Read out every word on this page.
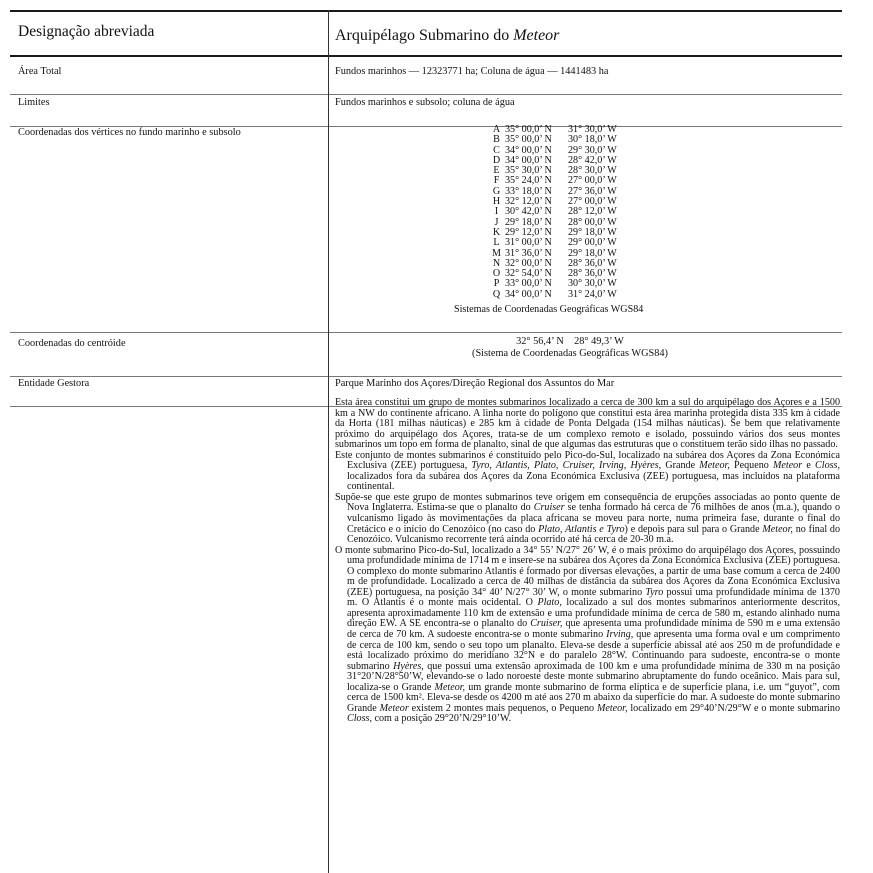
Designação abreviada	Arquipélago Submarino do Meteor
Área Total	Fundos marinhos — 12323771 ha; Coluna de água — 1441483 ha
Limites	Fundos marinhos e subsolo; coluna de água
Coordenadas dos vértices no fundo marinho e subsolo	A 35° 00,0’ N 31° 30,0’ W
B 35° 00,0’ N 30° 18,0’ W
C 34° 00,0’ N 29° 30,0’ W
D 34° 00,0’ N 28° 42,0’ W
E 35° 30,0’ N 28° 30,0’ W
F 35° 24,0’ N 27° 00,0’ W
G 33° 18,0’ N 27° 36,0’ W
H 32° 12,0’ N 27° 00,0’ W
I 30° 42,0’ N 28° 12,0’ W
J 29° 18,0’ N 28° 00,0’ W
K 29° 12,0’ N 29° 18,0’ W
L 31° 00,0’ N 29° 00,0’ W
M 31° 36,0’ N 29° 18,0’ W
N 32° 00,0’ N 28° 36,0’ W
O 32° 54,0’ N 28° 36,0’ W
P 33° 00,0’ N 30° 30,0’ W
Q 34° 00,0’ N 31° 24,0’ W
Sistemas de Coordenadas Geográficas WGS84
Coordenadas do centróide	32° 56,4’ N    28° 49,3’ W
(Sistema de Coordenadas Geográficas WGS84)
Entidade Gestora	Parque Marinho dos Açores/Direção Regional dos Assuntos do Mar

Esta área constitui um grupo de montes submarinos localizado a cerca de 300 km a sul do arquipélago dos Açores e a 1500 km a NW do continente africano. A linha norte do polígono que constitui esta área marinha protegida dista 335 km à cidade da Horta (181 milhas náuticas) e 285 km à cidade de Ponta Delgada (154 milhas náuticas). Se bem que relativamente próximo do arquipélago dos Açores, trata-se de um complexo remoto e isolado, possuindo vários dos seus montes submarinos um topo em forma de planalto, sinal de que algumas das estruturas que o constituem terão sido ilhas no passado.

Este conjunto de montes submarinos é constituído pelo Pico-do-Sul, localizado na subárea dos Açores da Zona Económica Exclusiva (ZEE) portuguesa, Tyro, Atlantis, Plato, Cruiser, Irving, Hyères, Grande Meteor, Pequeno Meteor e Closs, localizados fora da subárea dos Açores da Zona Económica Exclusiva (ZEE) portuguesa, mas incluídos na plataforma continental.

Supõe-se que este grupo de montes submarinos teve origem em consequência de erupções associadas ao ponto quente de Nova Inglaterra. Estima-se que o planalto do Cruiser se tenha formado há cerca de 76 milhões de anos (m.a.), quando o vulcanismo ligado às movimentações da placa africana se moveu para norte, numa primeira fase, durante o final do Cretácico e o início do Cenozóico (no caso do Plato, Atlantis e Tyro) e depois para sul para o Grande Meteor, no final do Cenozóico. Vulcanismo recorrente terá ainda ocorrido até há cerca de 20-30 m.a.

O monte submarino Pico-do-Sul, localizado a 34° 55’ N/27° 26’ W, é o mais próximo do arquipélago dos Açores, possuindo uma profundidade mínima de 1714 m e insere-se na subárea dos Açores da Zona Económica Exclusiva (ZEE) portuguesa. O complexo do monte submarino Atlantis é formado por diversas elevações, a partir de uma base comum a cerca de 2400 m de profundidade. Localizado a cerca de 40 milhas de distância da subárea dos Açores da Zona Económica Exclusiva (ZEE) portuguesa, na posição 34° 40’ N/27° 30’ W, o monte submarino Tyro possui uma profundidade mínima de 1370 m. O Atlantis é o monte mais ocidental. O Plato, localizado a sul dos montes submarinos anteriormente descritos, apresenta aproximadamente 110 km de extensão e uma profundidade mínima de cerca de 580 m, estando alinhado numa direção EW. A SE encontra-se o planalto do Cruiser, que apresenta uma profundidade mínima de 590 m e uma extensão de cerca de 70 km. A sudoeste encontra-se o monte submarino Irving, que apresenta uma forma oval e um comprimento de cerca de 100 km, sendo o seu topo um planalto. Eleva-se desde a superfície abissal até aos 250 m de profundidade e está localizado próximo do meridiano 32°N e do paralelo 28°W. Continuando para sudoeste, encontra-se o monte submarino Hyères, que possui uma extensão aproximada de 100 km e uma profundidade mínima de 330 m na posição 31°20’N/28°50’W, elevando-se o lado noroeste deste monte submarino abruptamente do fundo oceânico. Mais para sul, localiza-se o Grande Meteor, um grande monte submarino de forma elíptica e de superfície plana, i.e. um “guyot”, com cerca de 1500 km². Eleva-se desde os 4200 m até aos 270 m abaixo da superfície do mar. A sudoeste do monte submarino Grande Meteor existem 2 montes mais pequenos, o Pequeno Meteor, localizado em 29°40’N/29°W e o monte submarino Closs, com a posição 29°20’N/29°10’W.
